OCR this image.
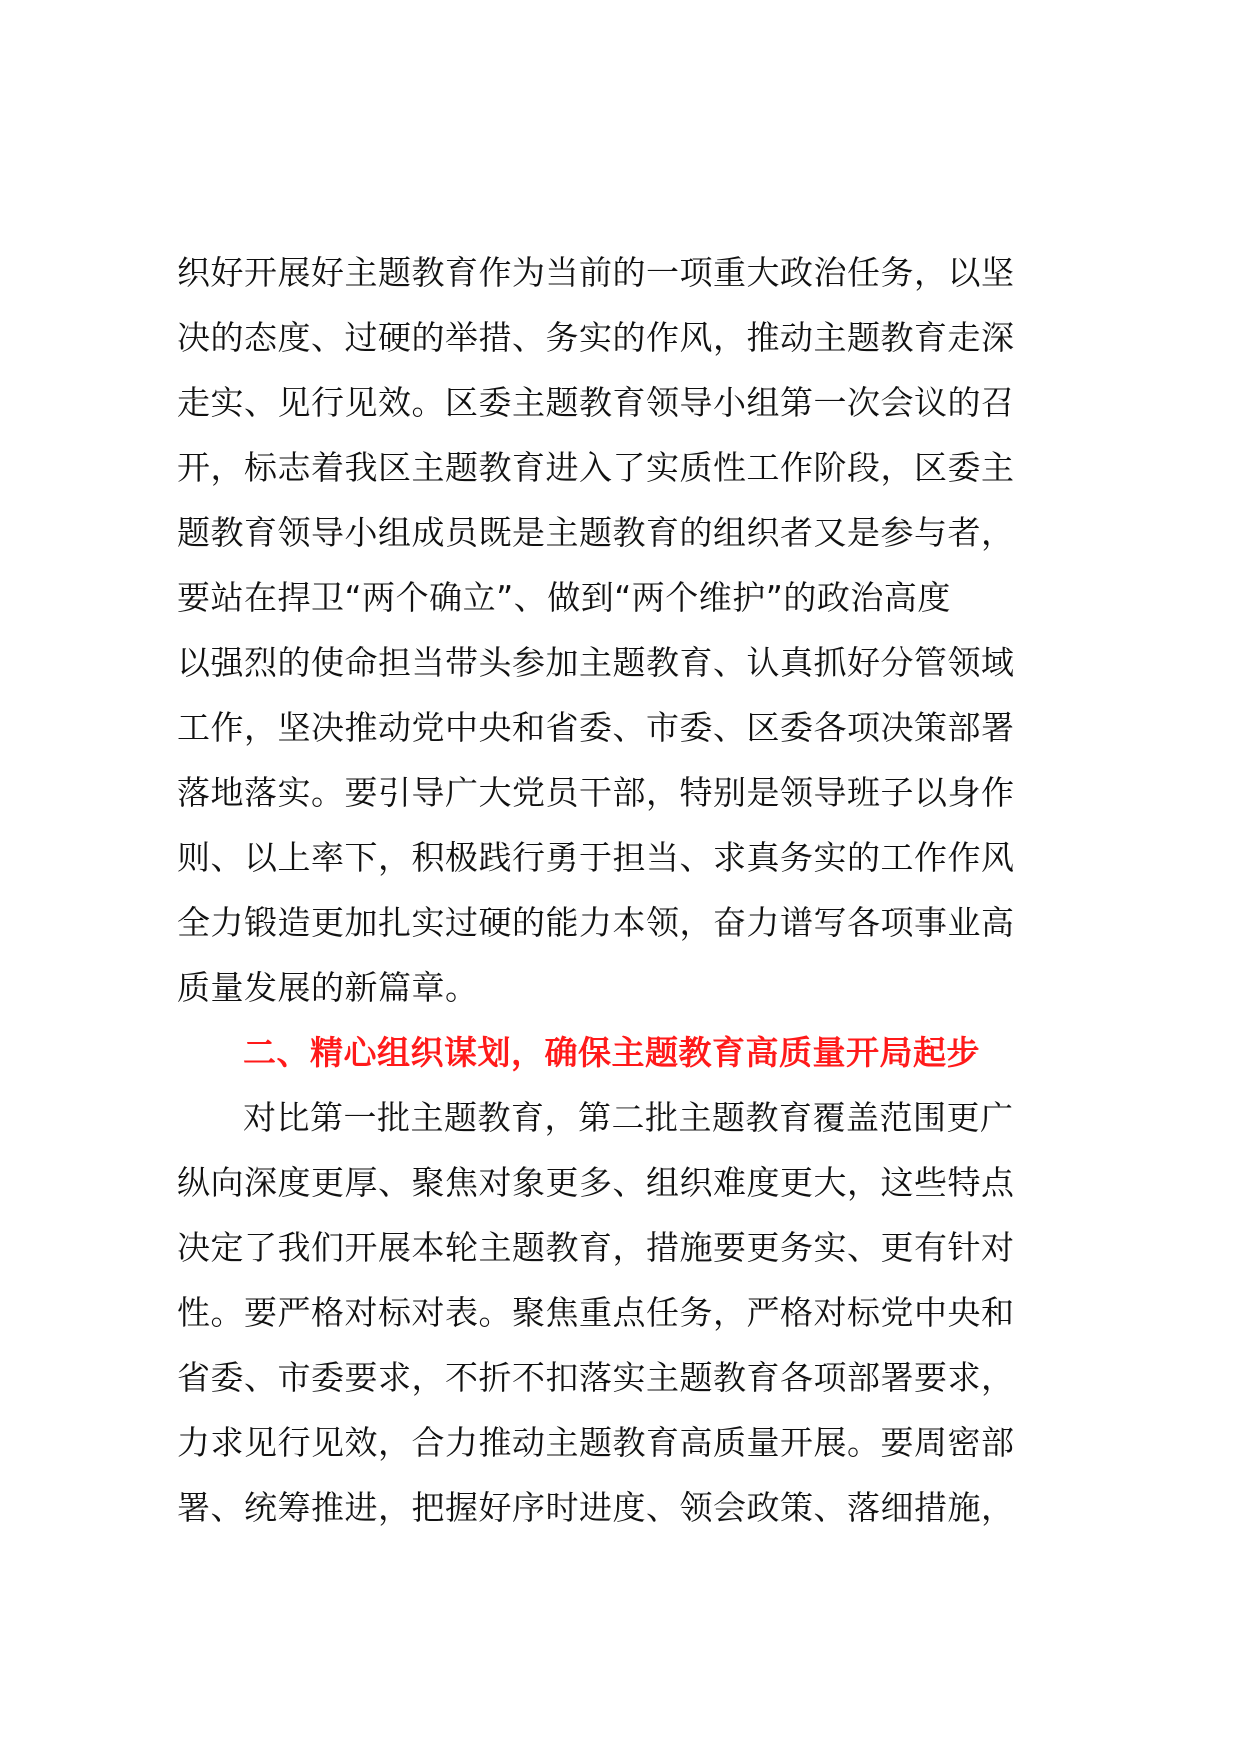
织好开展好主题教育作为当前的一项重大政治任务，以坚
决的态度、过硬的举措、务实的作风，推动主题教育走深
走实、见行见效。区委主题教育领导小组第一次会议的召
开，标志着我区主题教育进入了实质性工作阶段，区委主
题教育领导小组成员既是主题教育的组织者又是参与者，
要站在捍卫“两个确立”、做到“两个维护”的政治高度
以强烈的使命担当带头参加主题教育、认真抓好分管领域
工作，坚决推动党中央和省委、市委、区委各项决策部署
落地落实。要引导广大党员干部，特别是领导班子以身作
则、以上率下，积极践行勇于担当、求真务实的工作作风
全力锻造更加扎实过硬的能力本领，奋力谱写各项事业高
质量发展的新篇章。
二、精心组织谋划，确保主题教育高质量开局起步
对比第一批主题教育，第二批主题教育覆盖范围更广
纵向深度更厚、聚焦对象更多、组织难度更大，这些特点
决定了我们开展本轮主题教育，措施要更务实、更有针对
性。要严格对标对表。聚焦重点任务，严格对标党中央和
省委、市委要求，不折不扣落实主题教育各项部署要求，
力求见行见效，合力推动主题教育高质量开展。要周密部
署、统筹推进，把握好序时进度、领会政策、落细措施，
